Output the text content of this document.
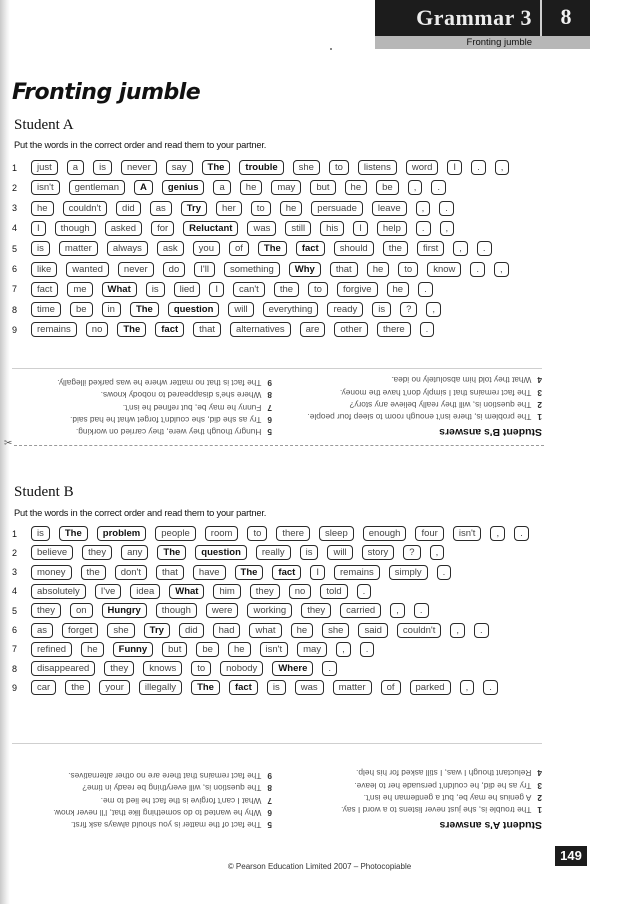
Grammar 3	8
Fronting jumble
Fronting jumble
Student A
Put the words in the correct order and read them to your partner.
1	just	a	is	never	say	The	trouble	she	to	listens	word	I	.	,
2	isn't	gentleman	A	genius	a	he	may	but	he	be	,	.
3	he	couldn't	did	as	Try	her	to	he	persuade	leave	,	.
4	I	though	asked	for	Reluctant	was	still	his	I	help	.	,
5	is	matter	always	ask	you	of	The	fact	should	the	first	,	.
6	like	wanted	never	do	I'll	something	Why	that	he	to	know	.	,
7	fact	me	What	is	lied	I	can't	the	to	forgive	he	.
8	time	be	in	The	question	will	everything	ready	is	?	,
9	remains	no	The	fact	that	alternatives	are	other	there	.
Student B's answers

1The problem is, there isn't enough room to sleep four people.

2The question is, will they really believe any story?

3The fact remains that I simply don't have the money.

4What they told him absolutely no idea.

5Hungry though they were, they carried on working.

6Try as she did, she couldn't forget what he had said.

7Funny he may be, but refined he isn't.

8Where she's disappeared to nobody knows.

9The fact is that no matter where he was parked illegally.

✂
Student B
Put the words in the correct order and read them to your partner.
1	is	The	problem	people	room	to	there	sleep	enough	four	isn't	,	.
2	believe	they	any	The	question	really	is	will	story	?	,
3	money	the	don't	that	have	The	fact	I	remains	simply	.
4	absolutely	I've	idea	What	him	they	no	told	.
5	they	on	Hungry	though	were	working	they	carried	,	.
6	as	forget	she	Try	did	had	what	he	she	said	couldn't	,	.
7	refined	he	Funny	but	be	he	isn't	may	,	.
8	disappeared	they	knows	to	nobody	Where	.
9	car	the	your	illegally	The	fact	is	was	matter	of	parked	,	.
Student A's answers

1The trouble is, she just never listens to a word I say.

2A genius he may be, but a gentleman he isn't.

3Try as he did, he couldn't persuade her to leave.

4Reluctant though I was, I still asked for his help.

5The fact of the matter is you should always ask first.

6Why he wanted to do something like that, I'll never know.

7What I can't forgive is the fact he lied to me.

8The question is, will everything be ready in time?

9The fact remains that there are no other alternatives.

149
© Pearson Education Limited 2007 – Photocopiable
